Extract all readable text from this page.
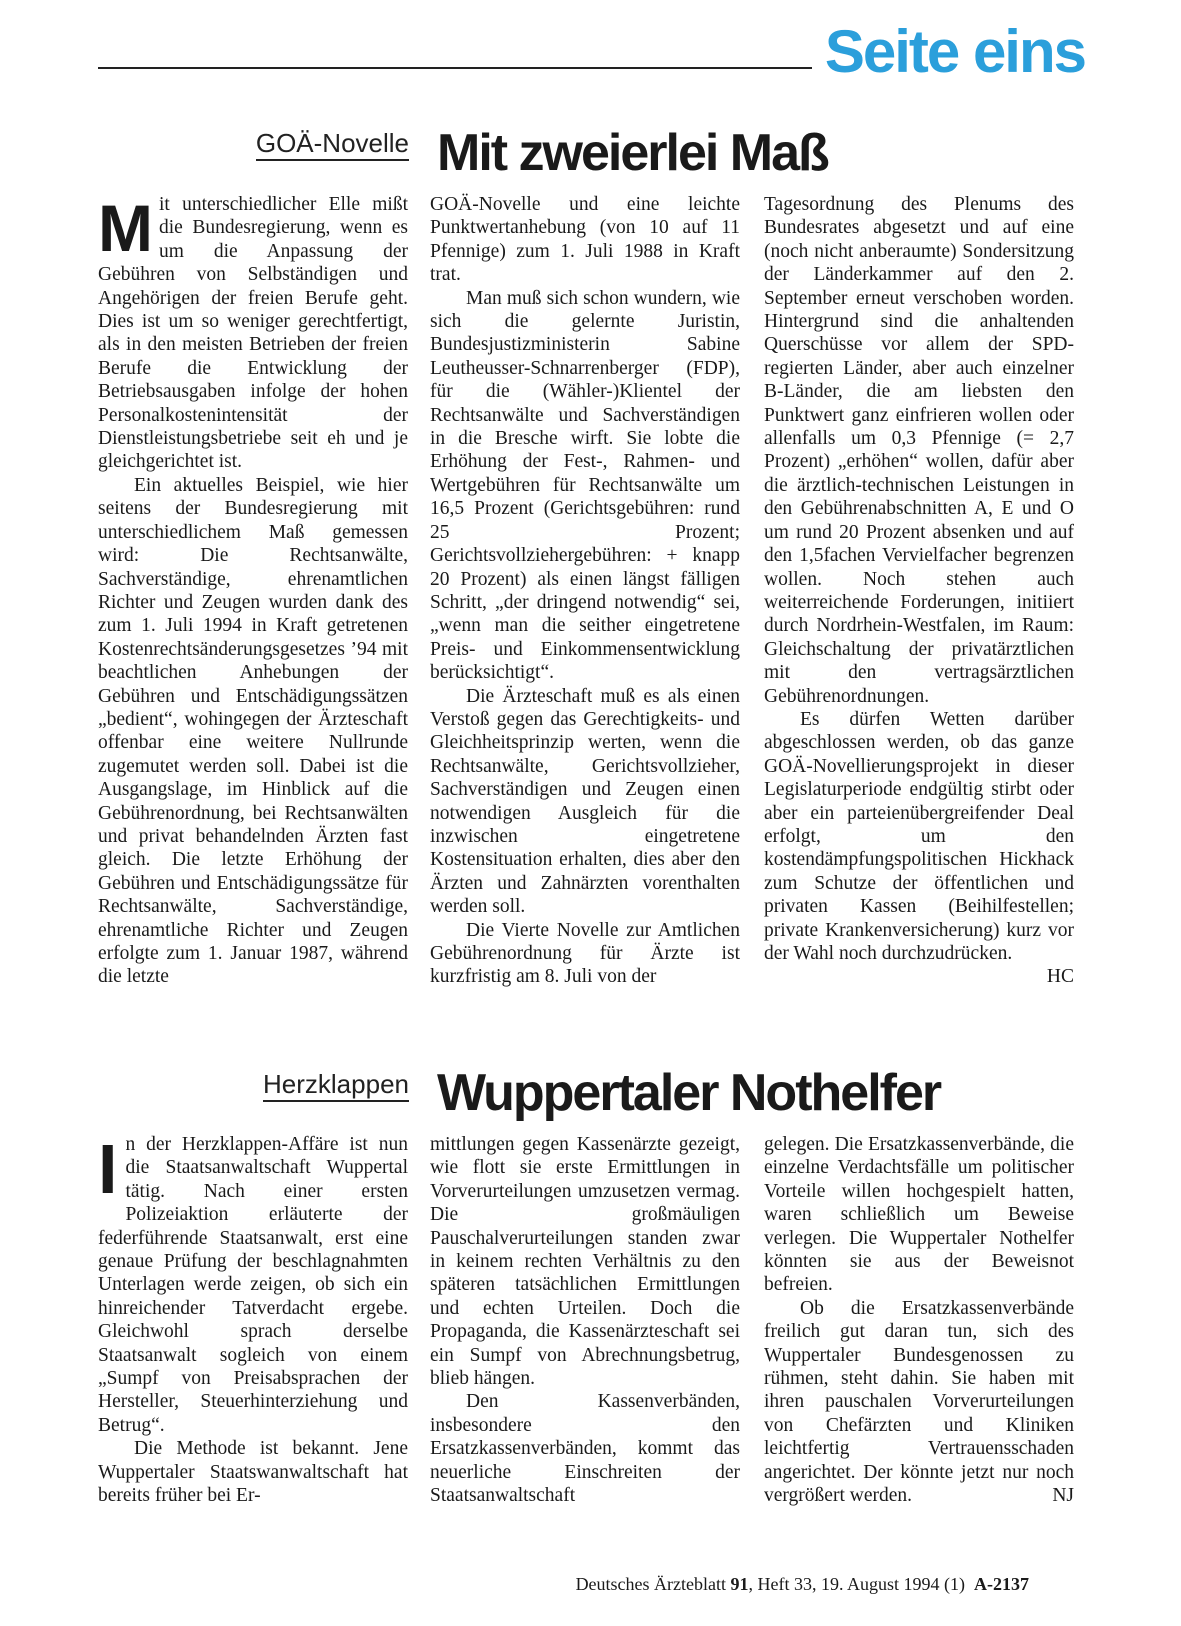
Seite eins
GOÄ-Novelle Mit zweierlei Maß

Mit unterschiedlicher Elle mißt die Bundesregierung, wenn es um die Anpassung der Gebühren von Selbständigen und Angehörigen der freien Berufe geht. Dies ist um so weniger gerechtfertigt, als in den meisten Betrieben der freien Berufe die Entwicklung der Betriebsausgaben infolge der hohen Personalkostenintensität der Dienstleistungsbetriebe seit eh und je gleichgerichtet ist.

Ein aktuelles Beispiel, wie hier seitens der Bundesregierung mit unterschiedlichem Maß gemessen wird: Die Rechtsanwälte, Sachverständige, ehrenamtlichen Richter und Zeugen wurden dank des zum 1. Juli 1994 in Kraft getretenen Kostenrechtsänderungsgesetzes ’94 mit beachtlichen Anhebungen der Gebühren und Entschädigungssätzen „bedient“, wohingegen der Ärzteschaft offenbar eine weitere Nullrunde zugemutet werden soll. Dabei ist die Ausgangslage, im Hinblick auf die Gebührenordnung, bei Rechtsanwälten und privat behandelnden Ärzten fast gleich. Die letzte Erhöhung der Gebühren und Entschädigungssätze für Rechtsanwälte, Sachverständige, ehrenamtliche Richter und Zeugen erfolgte zum 1. Januar 1987, während die letzte

GOÄ-Novelle und eine leichte Punktwertanhebung (von 10 auf 11 Pfennige) zum 1. Juli 1988 in Kraft trat.

Man muß sich schon wundern, wie sich die gelernte Juristin, Bundesjustizministerin Sabine Leutheusser-Schnarrenberger (FDP), für die (Wähler-)Klientel der Rechtsanwälte und Sachverständigen in die Bresche wirft. Sie lobte die Erhöhung der Fest-, Rahmen- und Wertgebühren für Rechtsanwälte um 16,5 Prozent (Gerichtsgebühren: rund 25 Prozent; Gerichtsvollziehergebühren: + knapp 20 Prozent) als einen längst fälligen Schritt, „der dringend notwendig“ sei, „wenn man die seither eingetretene Preis- und Einkommensentwicklung berücksichtigt“.

Die Ärzteschaft muß es als einen Verstoß gegen das Gerechtigkeits- und Gleichheitsprinzip werten, wenn die Rechtsanwälte, Gerichtsvollzieher, Sachverständigen und Zeugen einen notwendigen Ausgleich für die inzwischen eingetretene Kostensituation erhalten, dies aber den Ärzten und Zahnärzten vorenthalten werden soll.

Die Vierte Novelle zur Amtlichen Gebührenordnung für Ärzte ist kurzfristig am 8. Juli von der

Tagesordnung des Plenums des Bundesrates abgesetzt und auf eine (noch nicht anberaumte) Sondersitzung der Länderkammer auf den 2. September erneut verschoben worden. Hintergrund sind die anhaltenden Querschüsse vor allem der SPD-regierten Länder, aber auch einzelner B-Länder, die am liebsten den Punktwert ganz einfrieren wollen oder allenfalls um 0,3 Pfennige (= 2,7 Prozent) „erhöhen“ wollen, dafür aber die ärztlich-technischen Leistungen in den Gebührenabschnitten A, E und O um rund 20 Prozent absenken und auf den 1,5fachen Vervielfacher begrenzen wollen. Noch stehen auch weiterreichende Forderungen, initiiert durch Nordrhein-Westfalen, im Raum: Gleichschaltung der privatärztlichen mit den vertragsärztlichen Gebührenordnungen.

Es dürfen Wetten darüber abgeschlossen werden, ob das ganze GOÄ-Novellierungsprojekt in dieser Legislaturperiode endgültig stirbt oder aber ein parteienübergreifender Deal erfolgt, um den kostendämpfungspolitischen Hickhack zum Schutze der öffentlichen und privaten Kassen (Beihilfestellen; private Krankenversicherung) kurz vor der Wahl noch durchzudrücken.
HC

Herzklappen Wuppertaler Nothelfer

In der Herzklappen-Affäre ist nun die Staatsanwaltschaft Wuppertal tätig. Nach einer ersten Polizeiaktion erläuterte der federführende Staatsanwalt, erst eine genaue Prüfung der beschlagnahmten Unterlagen werde zeigen, ob sich ein hinreichender Tatverdacht ergebe. Gleichwohl sprach derselbe Staatsanwalt sogleich von einem „Sumpf von Preisabsprachen der Hersteller, Steuerhinterziehung und Betrug“.

Die Methode ist bekannt. Jene Wuppertaler Staatswanwaltschaft hat bereits früher bei Er-

mittlungen gegen Kassenärzte gezeigt, wie flott sie erste Ermittlungen in Vorverurteilungen umzusetzen vermag. Die großmäuligen Pauschalverurteilungen standen zwar in keinem rechten Verhältnis zu den späteren tatsächlichen Ermittlungen und echten Urteilen. Doch die Propaganda, die Kassenärzteschaft sei ein Sumpf von Abrechnungsbetrug, blieb hängen.

Den Kassenverbänden, insbesondere den Ersatzkassenverbänden, kommt das neuerliche Einschreiten der Staatsanwaltschaft

gelegen. Die Ersatzkassenverbände, die einzelne Verdachtsfälle um politischer Vorteile willen hochgespielt hatten, waren schließlich um Beweise verlegen. Die Wuppertaler Nothelfer könnten sie aus der Beweisnot befreien.

Ob die Ersatzkassenverbände freilich gut daran tun, sich des Wuppertaler Bundesgenossen zu rühmen, steht dahin. Sie haben mit ihren pauschalen Vorverurteilungen von Chefärzten und Kliniken leichtfertig Vertrauensschaden angerichtet. Der könnte jetzt nur noch vergrößert werden.	NJ

Deutsches Ärzteblatt 91, Heft 33, 19. August 1994 (1) A-2137
